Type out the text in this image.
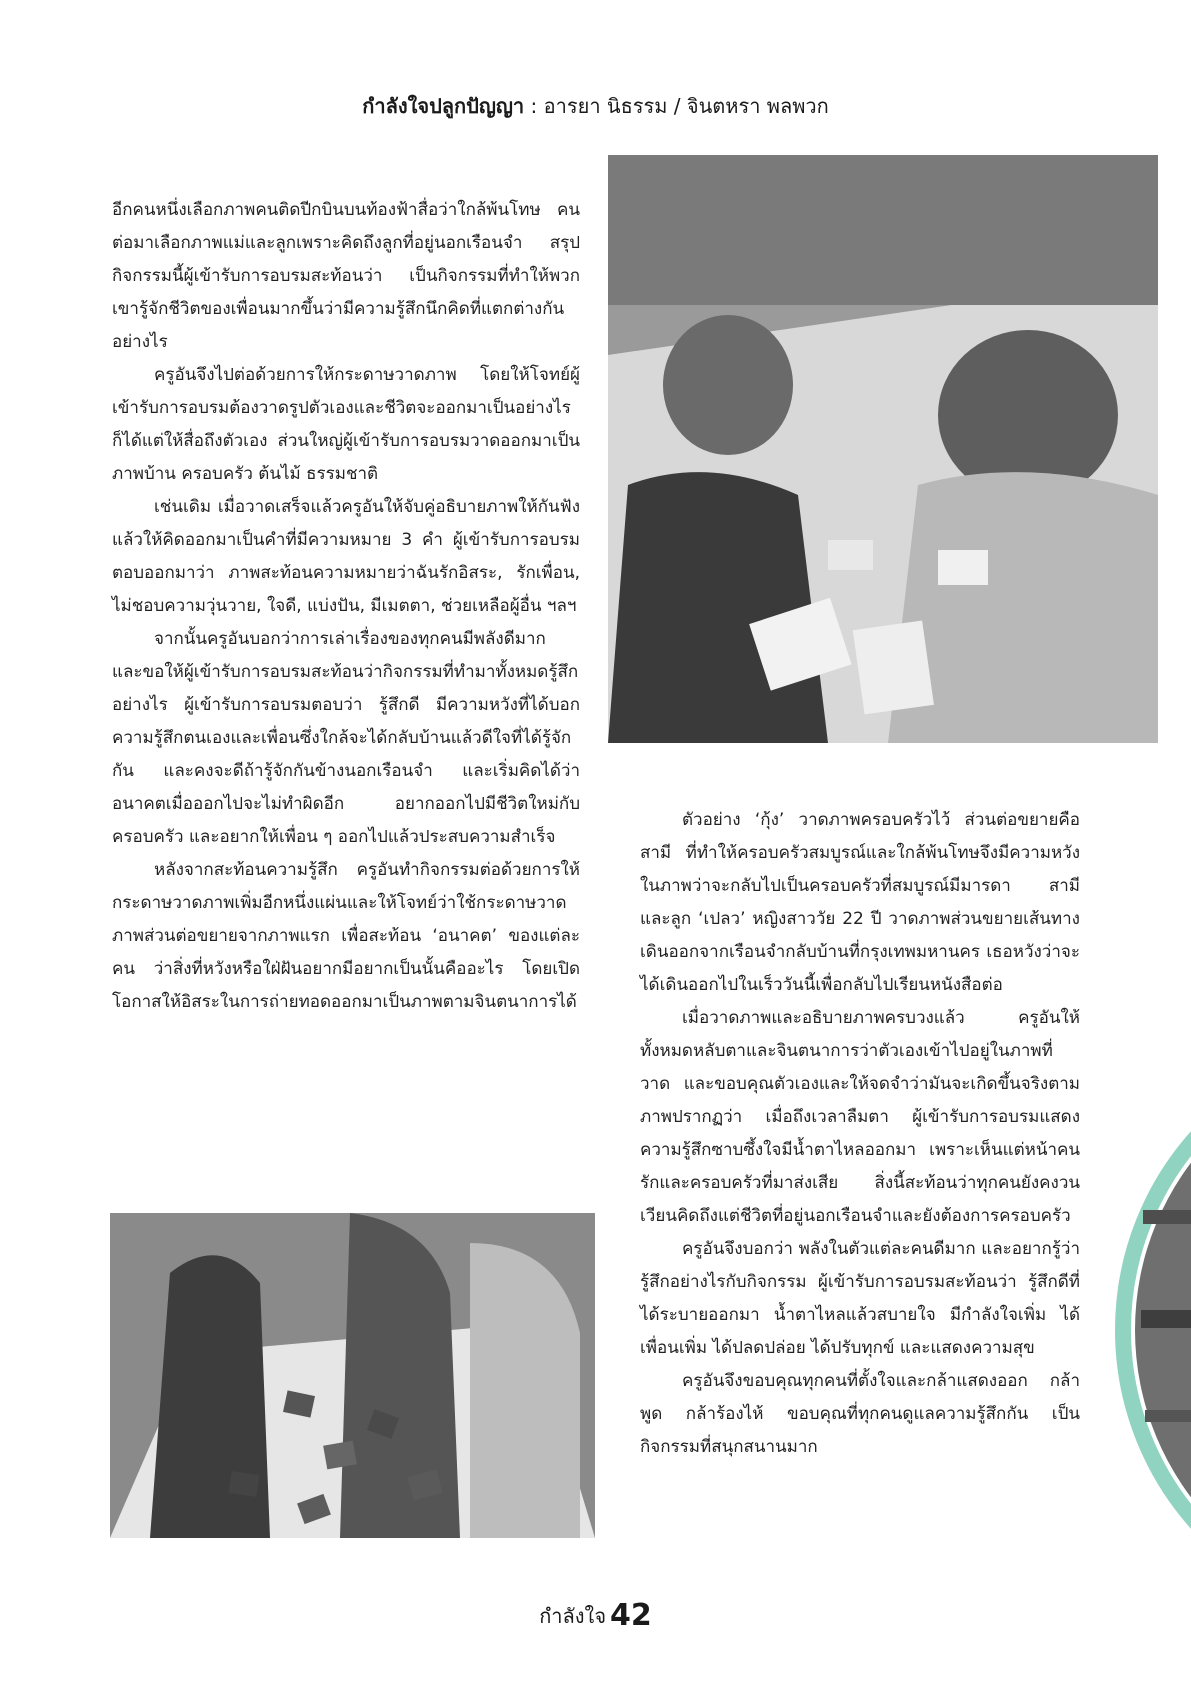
กำลังใจปลูกปัญญา : อารยา นิธรรม / จินตหรา พลพวก

อีกคนหนึ่งเลือกภาพคนติดปีกบินบนท้องฟ้าสื่อว่าใกล้พ้นโทษ คนต่อมาเลือกภาพแม่และลูกเพราะคิดถึงลูกที่อยู่นอกเรือนจำ สรุปกิจกรรมนี้ผู้เข้ารับการอบรมสะท้อนว่า เป็นกิจกรรมที่ทำให้พวกเขารู้จักชีวิตของเพื่อนมากขึ้นว่ามีความรู้สึกนึกคิดที่แตกต่างกันอย่างไร

ครูอันจึงไปต่อด้วยการให้กระดาษวาดภาพ โดยให้โจทย์ผู้เข้ารับการอบรมต้องวาดรูปตัวเองและชีวิตจะออกมาเป็นอย่างไรก็ได้แต่ให้สื่อถึงตัวเอง ส่วนใหญ่ผู้เข้ารับการอบรมวาดออกมาเป็นภาพบ้าน ครอบครัว ต้นไม้ ธรรมชาติ

เช่นเดิม เมื่อวาดเสร็จแล้วครูอันให้จับคู่อธิบายภาพให้กันฟัง แล้วให้คิดออกมาเป็นคำที่มีความหมาย 3 คำ ผู้เข้ารับการอบรมตอบออกมาว่า ภาพสะท้อนความหมายว่าฉันรักอิสระ, รักเพื่อน, ไม่ชอบความวุ่นวาย, ใจดี, แบ่งปัน, มีเมตตา, ช่วยเหลือผู้อื่น ฯลฯ

จากนั้นครูอันบอกว่าการเล่าเรื่องของทุกคนมีพลังดีมาก และขอให้ผู้เข้ารับการอบรมสะท้อนว่ากิจกรรมที่ทำมาทั้งหมดรู้สึกอย่างไร ผู้เข้ารับการอบรมตอบว่า รู้สึกดี มีความหวังที่ได้บอกความรู้สึกตนเองและเพื่อนซึ่งใกล้จะได้กลับบ้านแล้วดีใจที่ได้รู้จักกัน และคงจะดีถ้ารู้จักกันข้างนอกเรือนจำ และเริ่มคิดได้ว่าอนาคตเมื่อออกไปจะไม่ทำผิดอีก อยากออกไปมีชีวิตใหม่กับครอบครัว และอยากให้เพื่อน ๆ ออกไปแล้วประสบความสำเร็จ

หลังจากสะท้อนความรู้สึก ครูอันทำกิจกรรมต่อด้วยการให้กระดาษวาดภาพเพิ่มอีกหนึ่งแผ่นและให้โจทย์ว่าใช้กระดาษวาดภาพส่วนต่อขยายจากภาพแรก เพื่อสะท้อน ‘อนาคต’ ของแต่ละคน ว่าสิ่งที่หวังหรือใฝ่ฝันอยากมีอยากเป็นนั้นคืออะไร โดยเปิดโอกาสให้อิสระในการถ่ายทอดออกมาเป็นภาพตามจินตนาการได้

ตัวอย่าง ‘กุ้ง’ วาดภาพครอบครัวไว้ ส่วนต่อขยายคือ สามี ที่ทำให้ครอบครัวสมบูรณ์และใกล้พ้นโทษจึงมีความหวังในภาพว่าจะกลับไปเป็นครอบครัวที่สมบูรณ์มีมารดา สามี และลูก ‘เปลว’ หญิงสาววัย 22 ปี วาดภาพส่วนขยายเส้นทางเดินออกจากเรือนจำกลับบ้านที่กรุงเทพมหานคร เธอหวังว่าจะได้เดินออกไปในเร็ววันนี้เพื่อกลับไปเรียนหนังสือต่อ

เมื่อวาดภาพและอธิบายภาพครบวงแล้ว ครูอันให้ทั้งหมดหลับตาและจินตนาการว่าตัวเองเข้าไปอยู่ในภาพที่วาด และขอบคุณตัวเองและให้จดจำว่ามันจะเกิดขึ้นจริงตามภาพปรากฏว่า เมื่อถึงเวลาลืมตา ผู้เข้ารับการอบรมแสดงความรู้สึกซาบซึ้งใจมีน้ำตาไหลออกมา เพราะเห็นแต่หน้าคนรักและครอบครัวที่มาส่งเสีย สิ่งนี้สะท้อนว่าทุกคนยังคงวนเวียนคิดถึงแต่ชีวิตที่อยู่นอกเรือนจำและยังต้องการครอบครัว

ครูอันจึงบอกว่า พลังในตัวแต่ละคนดีมาก และอยากรู้ว่ารู้สึกอย่างไรกับกิจกรรม ผู้เข้ารับการอบรมสะท้อนว่า รู้สึกดีที่ได้ระบายออกมา น้ำตาไหลแล้วสบายใจ มีกำลังใจเพิ่ม ได้เพื่อนเพิ่ม ได้ปลดปล่อย ได้ปรับทุกข์ และแสดงความสุข

ครูอันจึงขอบคุณทุกคนที่ตั้งใจและกล้าแสดงออก กล้าพูด กล้าร้องไห้ ขอบคุณที่ทุกคนดูแลความรู้สึกกัน เป็นกิจกรรมที่สนุกสนานมาก

กำลังใจ 42
